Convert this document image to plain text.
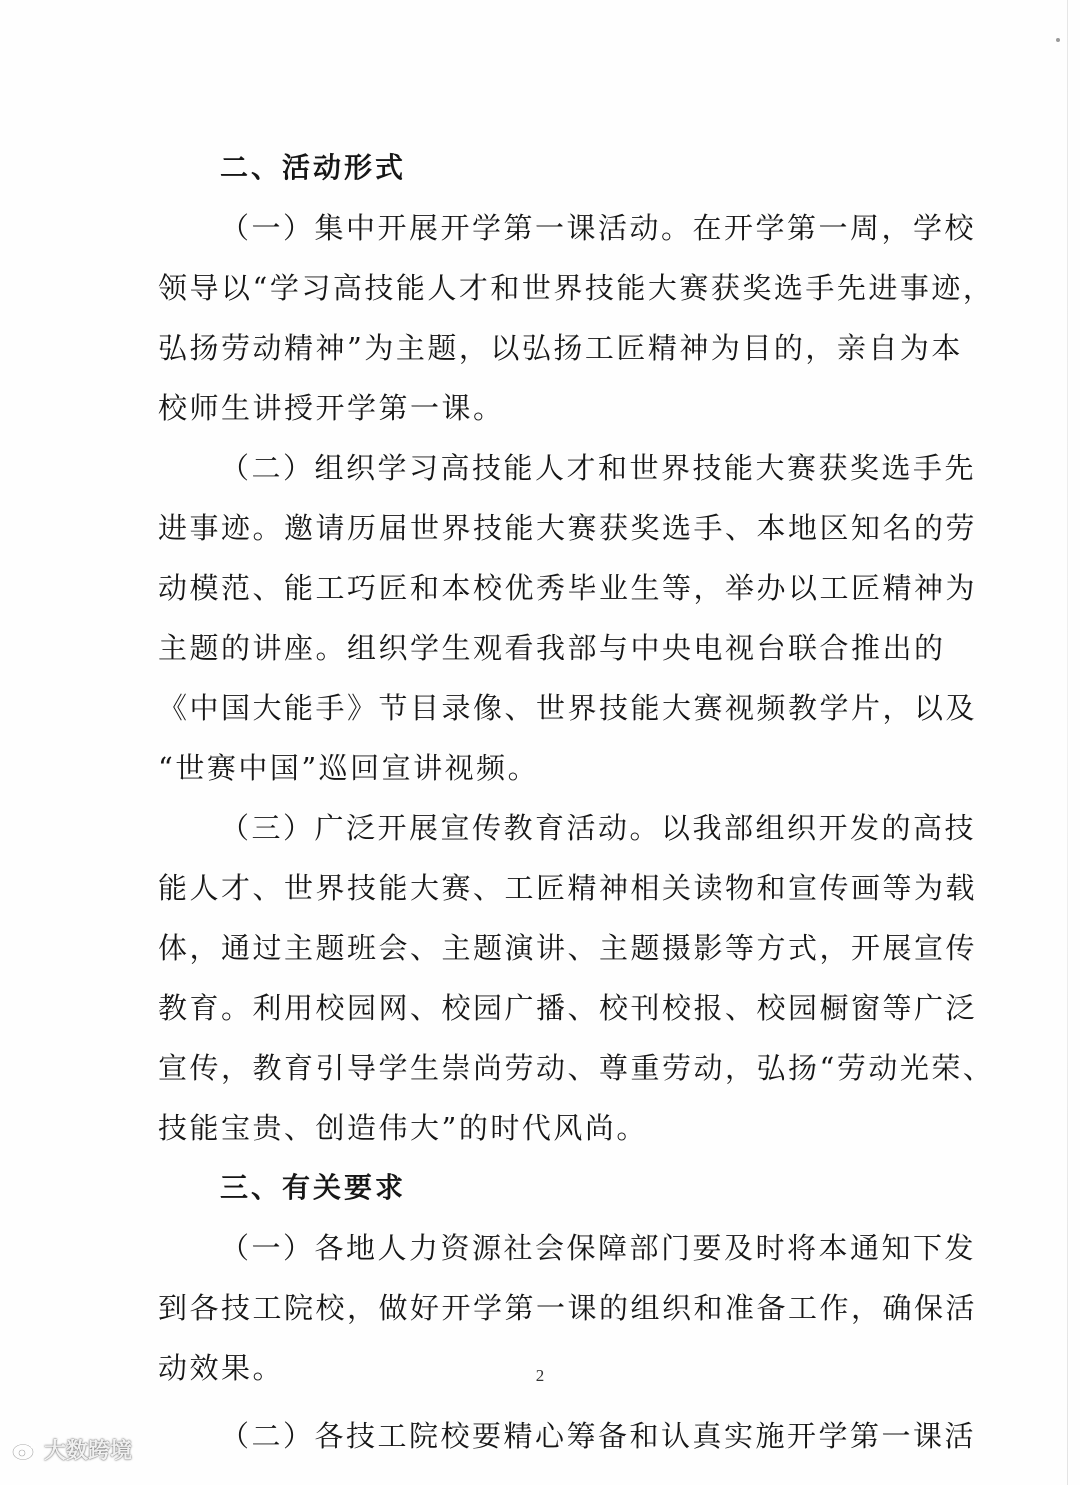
二、活动形式
（一）集中开展开学第一课活动。在开学第一周，学校
领导以“学习高技能人才和世界技能大赛获奖选手先进事迹，
弘扬劳动精神”为主题，以弘扬工匠精神为目的，亲自为本
校师生讲授开学第一课。
（二）组织学习高技能人才和世界技能大赛获奖选手先
进事迹。邀请历届世界技能大赛获奖选手、本地区知名的劳
动模范、能工巧匠和本校优秀毕业生等，举办以工匠精神为
主题的讲座。组织学生观看我部与中央电视台联合推出的
《中国大能手》节目录像、世界技能大赛视频教学片，以及
“世赛中国”巡回宣讲视频。
（三）广泛开展宣传教育活动。以我部组织开发的高技
能人才、世界技能大赛、工匠精神相关读物和宣传画等为载
体，通过主题班会、主题演讲、主题摄影等方式，开展宣传
教育。利用校园网、校园广播、校刊校报、校园橱窗等广泛
宣传，教育引导学生崇尚劳动、尊重劳动，弘扬“劳动光荣、
技能宝贵、创造伟大”的时代风尚。
三、有关要求
（一）各地人力资源社会保障部门要及时将本通知下发
到各技工院校，做好开学第一课的组织和准备工作，确保活
动效果。
（二）各技工院校要精心筹备和认真实施开学第一课活
2
大数跨境
